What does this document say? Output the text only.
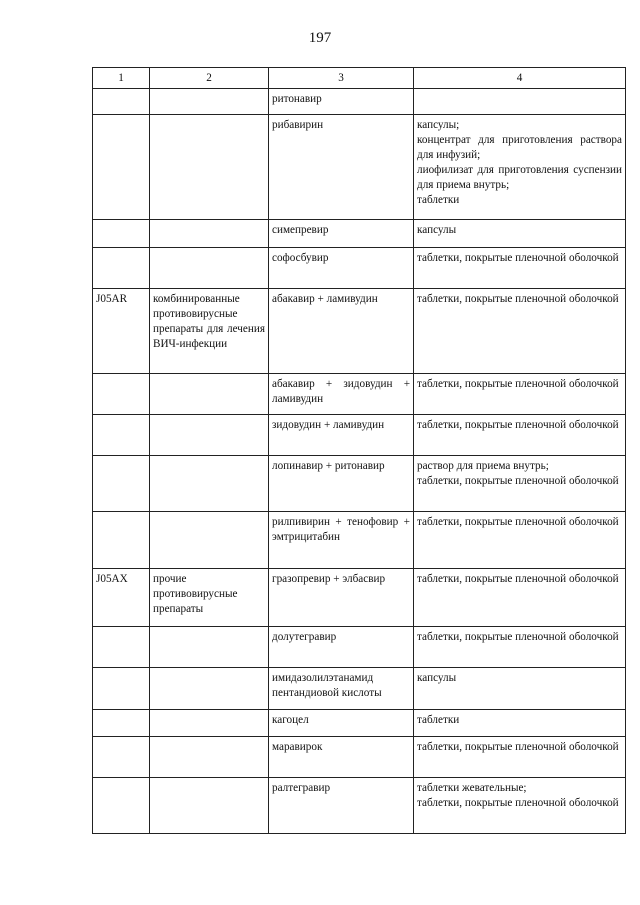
197
1	2	3	4

		ритонавир	

		рибавирин	капсулы;
концентрат для приготовления раствора для инфузий;
лиофилизат для приготовления суспензии для приема внутрь;
таблетки

		симепревир	капсулы

		софосбувир	таблетки, покрытые пленочной оболочкой

J05AR	комбинированные противовирусные препараты для лечения ВИЧ-инфекции	абакавир + ламивудин	таблетки, покрытые пленочной оболочкой

		абакавир + зидовудин + ламивудин	таблетки, покрытые пленочной оболочкой

		зидовудин + ламивудин	таблетки, покрытые пленочной оболочкой

		лопинавир + ритонавир	раствор для приема внутрь;
таблетки, покрытые пленочной оболочкой

		рилпивирин + тенофовир + эмтрицитабин	таблетки, покрытые пленочной оболочкой

J05AX	прочие противовирусные препараты	гразопревир + элбасвир	таблетки, покрытые пленочной оболочкой

		долутегравир	таблетки, покрытые пленочной оболочкой

		имидазолилэтанамид пентандиовой кислоты	капсулы

		кагоцел	таблетки

		маравирок	таблетки, покрытые пленочной оболочкой

		ралтегравир	таблетки жевательные;
таблетки, покрытые пленочной оболочкой
